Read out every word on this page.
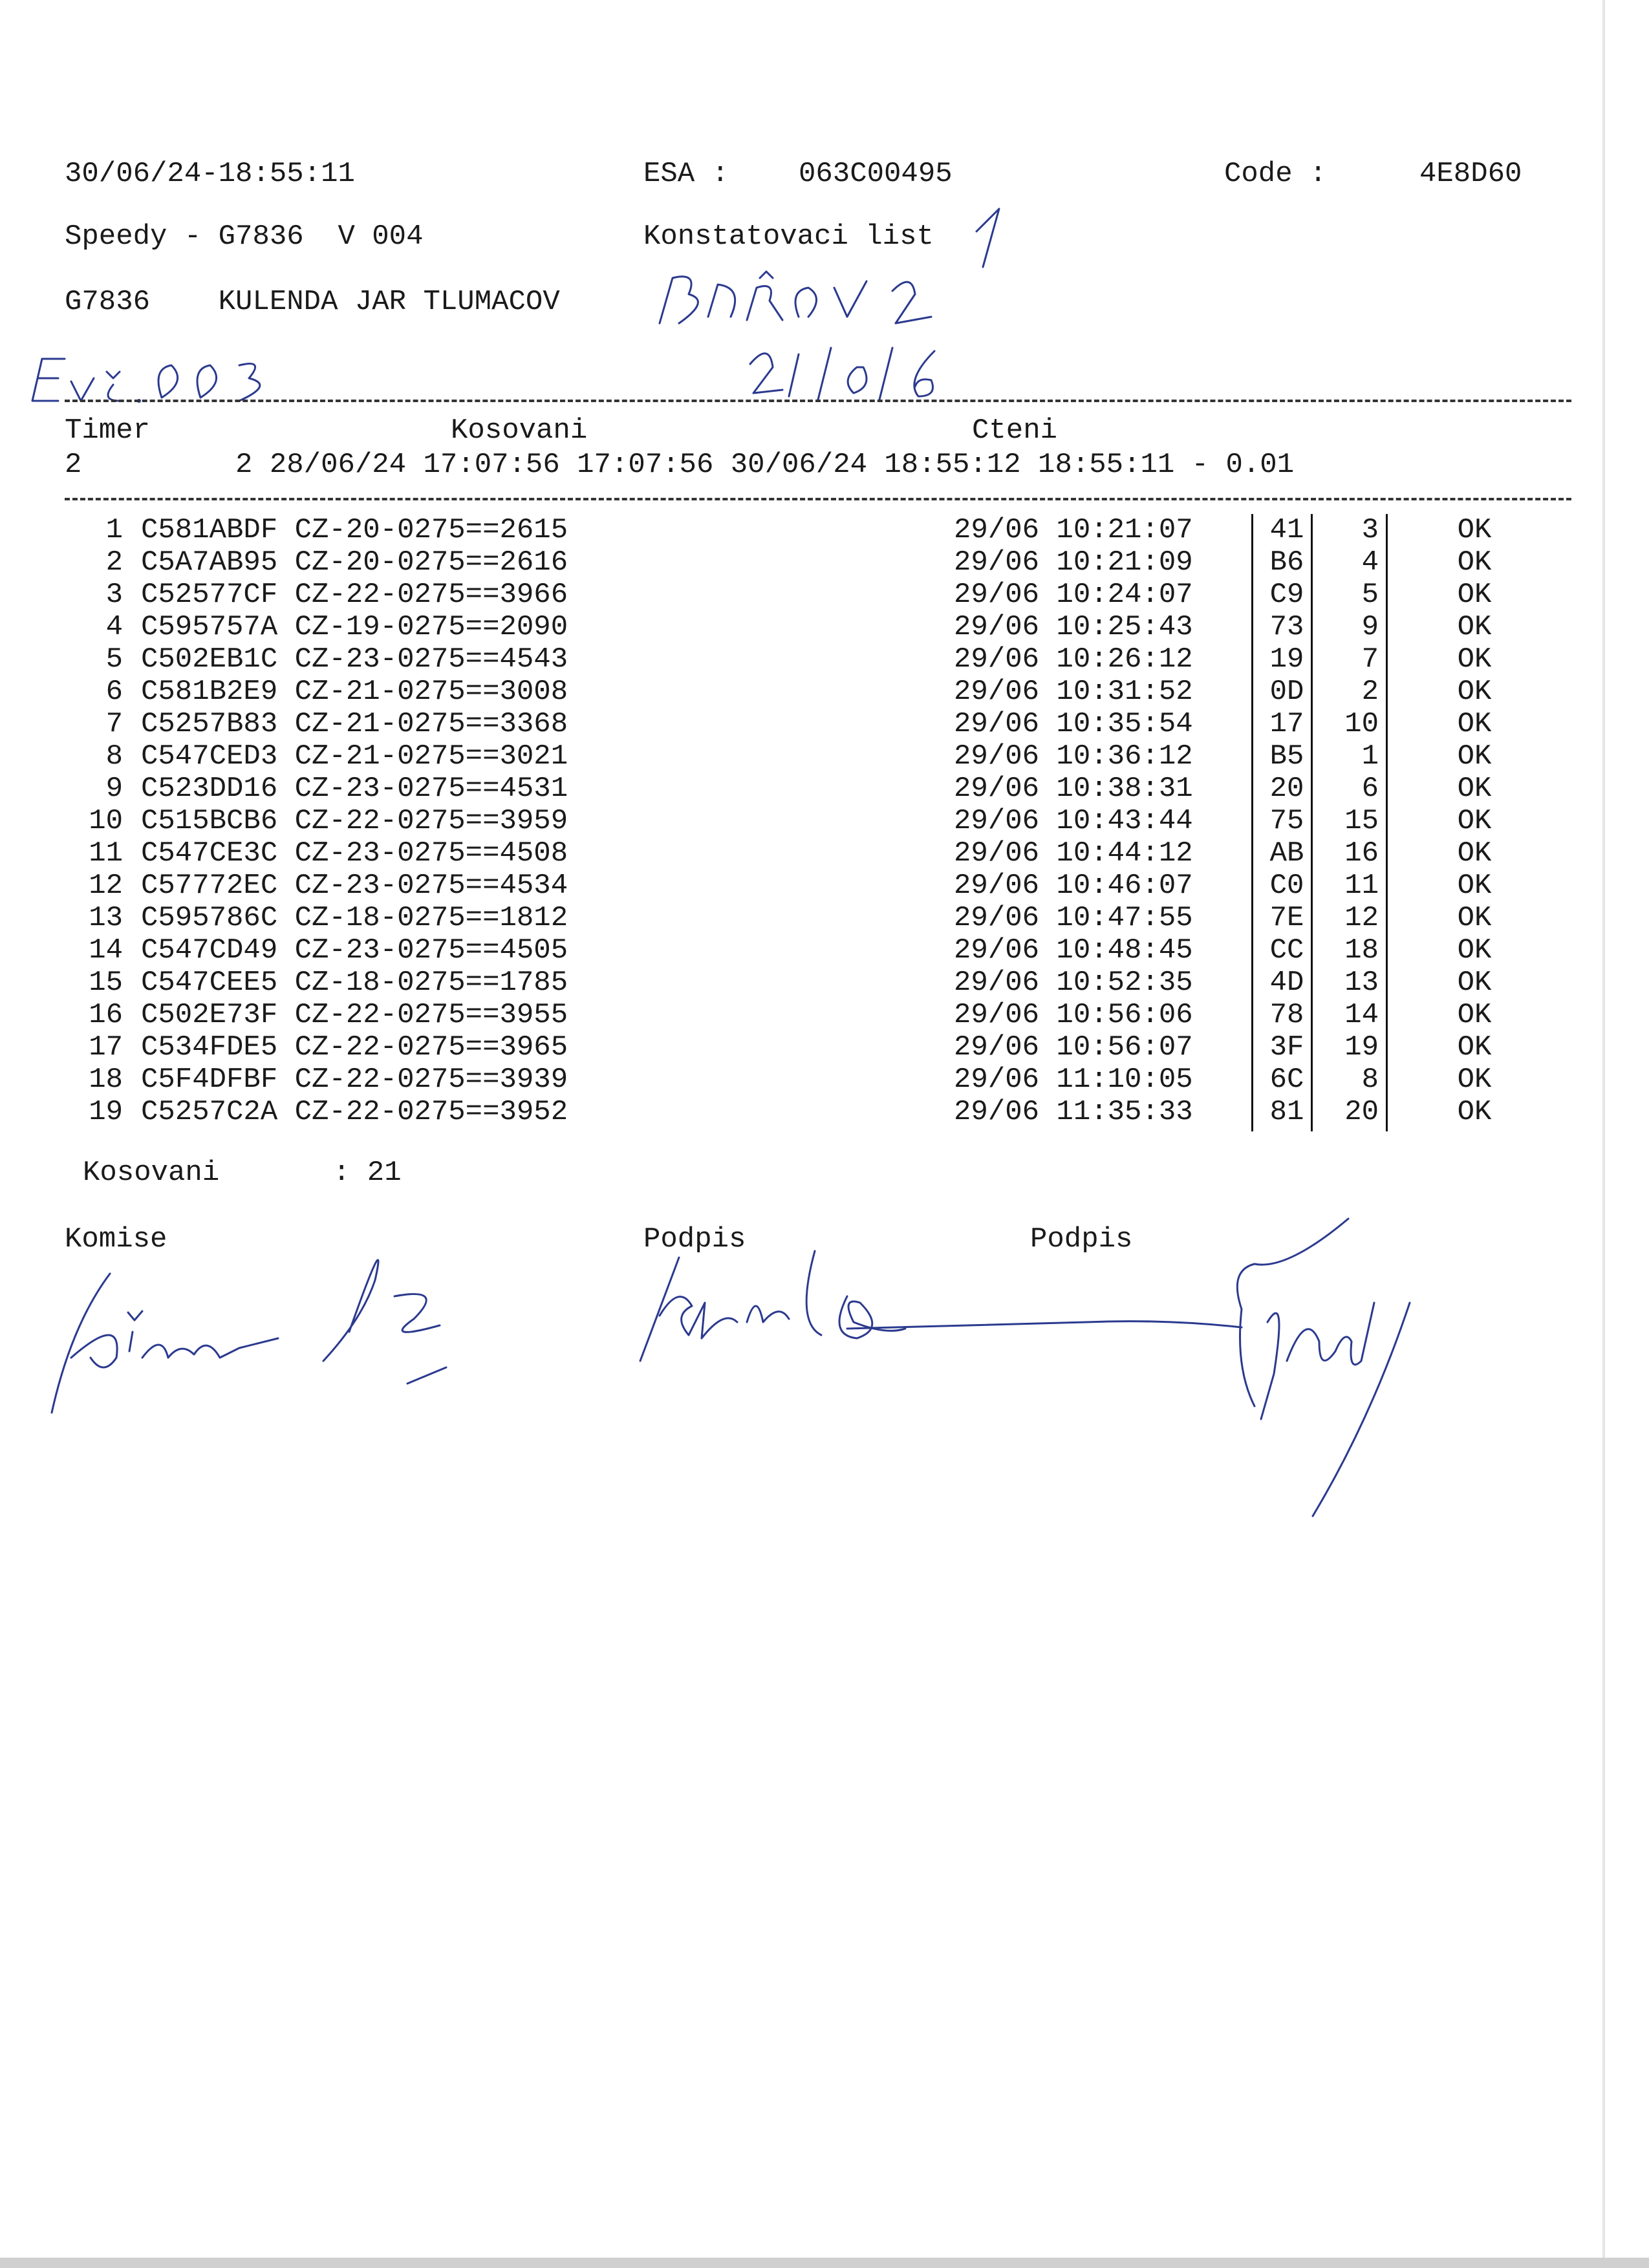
30/06/24-18:55:11	ESA : 063C00495	Code :	4E8D60
Speedy - G7836  V 004	Konstatovaci list
G7836    KULENDA JAR TLUMACOV
Timer	Kosovani	Cteni
2         2 28/06/24 17:07:56 17:07:56 30/06/24 18:55:12 18:55:11 - 0.01
1 C581ABDF CZ-20-0275==2615	29/06 10:21:07	41	3	OK
2 C5A7AB95 CZ-20-0275==2616	29/06 10:21:09	B6	4	OK
3 C52577CF CZ-22-0275==3966	29/06 10:24:07	C9	5	OK
4 C595757A CZ-19-0275==2090	29/06 10:25:43	73	9	OK
5 C502EB1C CZ-23-0275==4543	29/06 10:26:12	19	7	OK
6 C581B2E9 CZ-21-0275==3008	29/06 10:31:52	0D	2	OK
7 C5257B83 CZ-21-0275==3368	29/06 10:35:54	17	10	OK
8 C547CED3 CZ-21-0275==3021	29/06 10:36:12	B5	1	OK
9 C523DD16 CZ-23-0275==4531	29/06 10:38:31	20	6	OK
10 C515BCB6 CZ-22-0275==3959	29/06 10:43:44	75	15	OK
11 C547CE3C CZ-23-0275==4508	29/06 10:44:12	AB	16	OK
12 C57772EC CZ-23-0275==4534	29/06 10:46:07	C0	11	OK
13 C595786C CZ-18-0275==1812	29/06 10:47:55	7E	12	OK
14 C547CD49 CZ-23-0275==4505	29/06 10:48:45	CC	18	OK
15 C547CEE5 CZ-18-0275==1785	29/06 10:52:35	4D	13	OK
16 C502E73F CZ-22-0275==3955	29/06 10:56:06	78	14	OK
17 C534FDE5 CZ-22-0275==3965	29/06 10:56:07	3F	19	OK
18 C5F4DFBF CZ-22-0275==3939	29/06 11:10:05	6C	8	OK
19 C5257C2A CZ-22-0275==3952	29/06 11:35:33	81	20	OK
Kosovani	: 21
Komise	Podpis	Podpis
